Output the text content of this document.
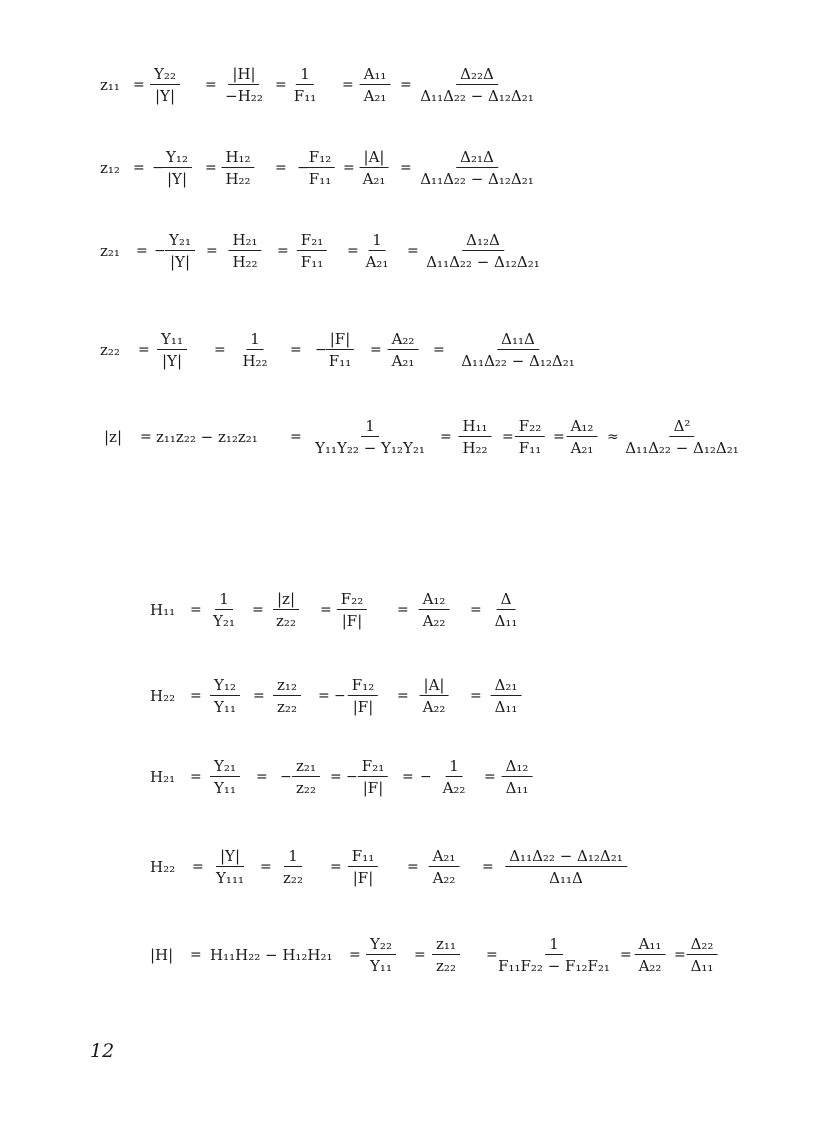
$z_{11} = \frac{\text{Y₂₂}}{|Y|} = \frac{|H|}{\text{−H₂₂}} = \frac{1}{\text{F₁₁}} = \frac{\text{A₁₁}}{\text{A₂₁}} = \frac{\text{Δ₂₂Δ}}{\text{Δ₁₁Δ₂₂ − Δ₁₂Δ₂₁}}$
z₁₂ = −
$\frac{\text{Y₁₂}}{|Y|} = \frac{\text{H₁₂}}{\text{H₂₂}}$ = −
$\frac{\text{F₁₂}}{\text{F₁₁}} = \frac{|A|}{\text{A₂₁}} = \frac{\text{Δ₂₁Δ}}{\text{Δ₁₁Δ₂₂ − Δ₁₂Δ₂₁}}$
z₂₁ = − $\frac{\text{Y₂₁}}{|Y|} = \frac{\text{H₂₁}}{\text{H₂₂}} = \frac{\text{F₂₁}}{\text{F₁₁}} = \frac{1}{\text{A₂₁}} = \frac{\text{Δ₁₂Δ}}{\text{Δ₁₁Δ₂₂ − Δ₁₂Δ₂₁}}$
$z_{22} = \frac{\text{Y₁₁}}{|Y|} = \frac{1}{\text{H₂₂}}$ = −
$\frac{|F|}{\text{F₁₁}} = \frac{\text{A₂₂}}{\text{A₂₁}} = \frac{\text{Δ₁₁Δ}}{\text{Δ₁₁Δ₂₂ − Δ₁₂Δ₂₁}}$
$|z| = z_{11}z_{22} - z_{12}z_{21} = \frac{1}{\text{Y₁₁Y₂₂ − Y₁₂Y₂₁}} = \frac{\text{H₁₁}}{\text{H₂₂}} = \frac{\text{F₂₂}}{\text{F₁₁}} = \frac{\text{A₁₂}}{\text{A₂₁}} \approx \frac{\text{Δ²}}{\text{Δ₁₁Δ₂₂ − Δ₁₂Δ₂₁}}$
$H_{11} = \frac{1}{\text{Y₂₁}} = \frac{|z|}{\text{z₂₂}} = \frac{\text{F₂₂}}{|F|} = \frac{\text{A₁₂}}{\text{A₂₂}} = \frac{\Delta}{\text{Δ₁₁}}$
$H_{22} = \frac{\text{Y₁₂}}{\text{Y₁₁}} = \frac{\text{z₁₂}}{\text{z₂₂}}$ = − $\frac{\text{F₁₂}}{|F|} = \frac{|A|}{\text{A₂₂}} = \frac{\text{Δ₂₁}}{\text{Δ₁₁}}$
$H_{21} = \frac{\text{Y₂₁}}{\text{Y₁₁}}$ = − $\frac{\text{z₂₁}}{\text{z₂₂}}$ = − $\frac{\text{F₂₁}}{|F|}$ = − $\frac{1}{\text{A₂₂}} = \frac{\text{Δ₁₂}}{\text{Δ₁₁}}$
$H_{22} = \frac{|Y|}{\text{Y₁₁₁}} = \frac{1}{\text{z₂₂}} = \frac{\text{F₁₁}}{|F|} = \frac{\text{A₂₁}}{\text{A₂₂}} = \frac{\text{Δ₁₁Δ₂₂ − Δ₁₂Δ₂₁}}{\text{Δ₁₁Δ}}$
$|H| = H_{11}H_{22} - H_{12}H_{21} = \frac{\text{Y₂₂}}{\text{Y₁₁}} = \frac{\text{z₁₁}}{\text{z₂₂}}$ =
$\frac{1}{\text{F₁₁F₂₂ − F₁₂F₂₁}} = \frac{\text{A₁₁}}{\text{A₂₂}} = \frac{\text{Δ₂₂}}{\text{Δ₁₁}}$
12
